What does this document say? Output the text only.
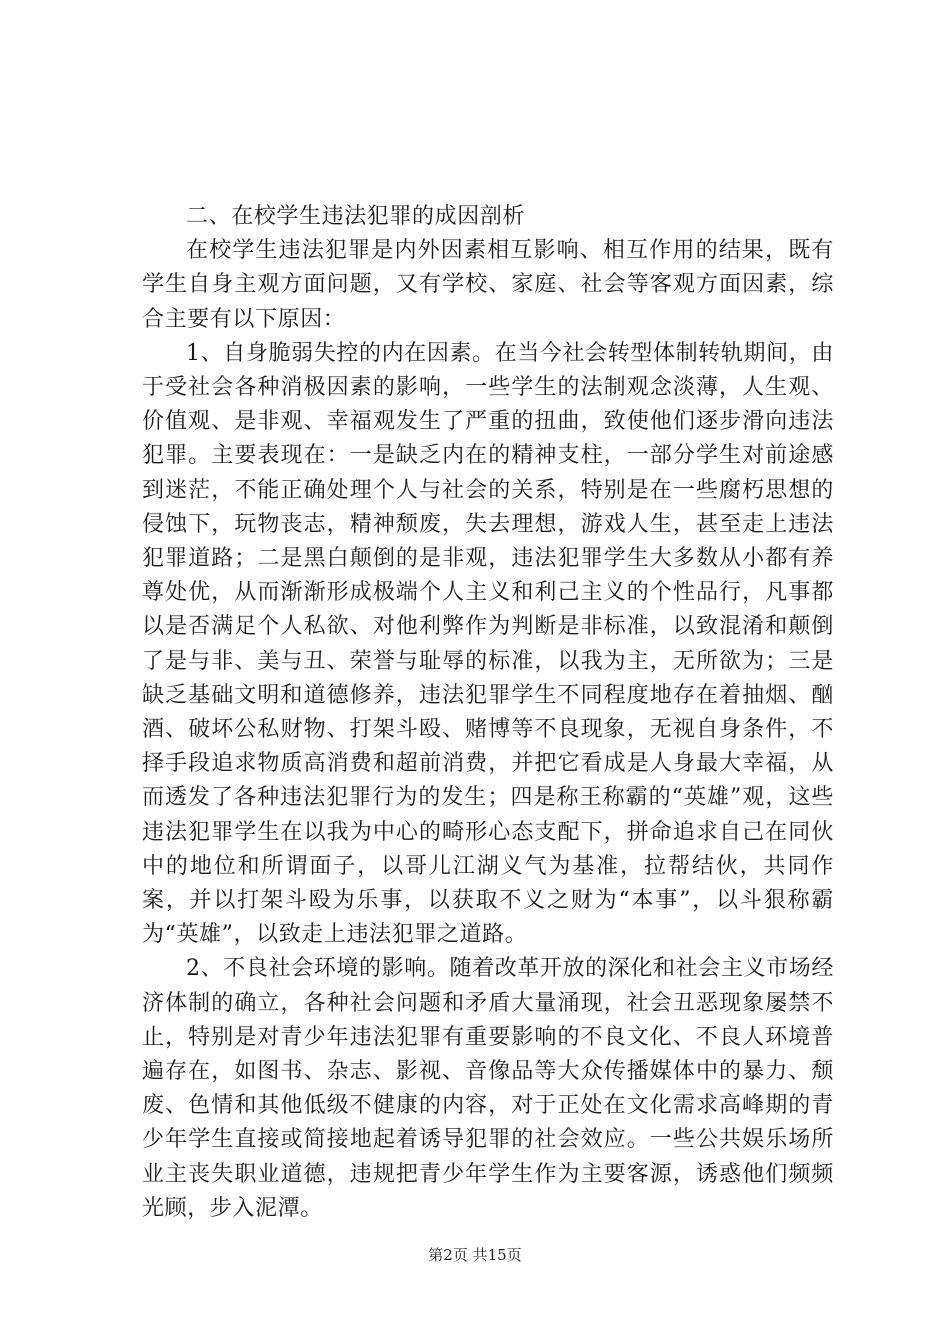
二、在校学生违法犯罪的成因剖析

在校学生违法犯罪是内外因素相互影响、相互作用的结果，既有学生自身主观方面问题，又有学校、家庭、社会等客观方面因素，综合主要有以下原因：

1、自身脆弱失控的内在因素。在当今社会转型体制转轨期间，由于受社会各种消极因素的影响，一些学生的法制观念淡薄，人生观、价值观、是非观、幸福观发生了严重的扭曲，致使他们逐步滑向违法犯罪。主要表现在：一是缺乏内在的精神支柱，一部分学生对前途感到迷茫，不能正确处理个人与社会的关系，特别是在一些腐朽思想的侵蚀下，玩物丧志，精神颓废，失去理想，游戏人生，甚至走上违法犯罪道路；二是黑白颠倒的是非观，违法犯罪学生大多数从小都有养尊处优，从而渐渐形成极端个人主义和利己主义的个性品行，凡事都以是否满足个人私欲、对他利弊作为判断是非标准，以致混淆和颠倒了是与非、美与丑、荣誉与耻辱的标准，以我为主，无所欲为；三是缺乏基础文明和道德修养，违法犯罪学生不同程度地存在着抽烟、酗酒、破坏公私财物、打架斗殴、赌博等不良现象，无视自身条件，不择手段追求物质高消费和超前消费，并把它看成是人身最大幸福，从而透发了各种违法犯罪行为的发生；四是称王称霸的“英雄”观，这些违法犯罪学生在以我为中心的畸形心态支配下，拼命追求自己在同伙中的地位和所谓面子，以哥儿江湖义气为基准，拉帮结伙，共同作案，并以打架斗殴为乐事，以获取不义之财为“本事”，以斗狠称霸为“英雄”，以致走上违法犯罪之道路。

2、不良社会环境的影响。随着改革开放的深化和社会主义市场经济体制的确立，各种社会问题和矛盾大量涌现，社会丑恶现象屡禁不止，特别是对青少年违法犯罪有重要影响的不良文化、不良人环境普遍存在，如图书、杂志、影视、音像品等大众传播媒体中的暴力、颓废、色情和其他低级不健康的内容，对于正处在文化需求高峰期的青少年学生直接或简接地起着诱导犯罪的社会效应。一些公共娱乐场所业主丧失职业道德，违规把青少年学生作为主要客源，诱惑他们频频光顾，步入泥潭。

第2页 共15页
